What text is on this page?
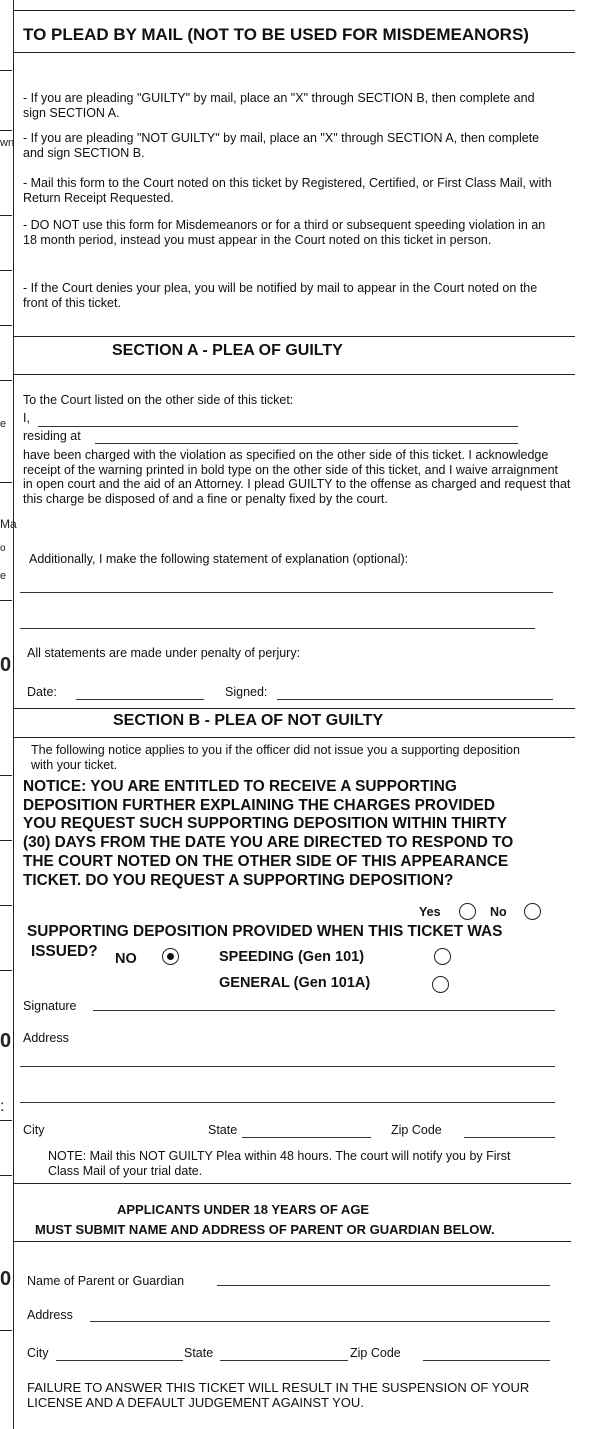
wn
e
Ma
o
e
0
0
:
0
TO PLEAD BY MAIL (NOT TO BE USED FOR MISDEMEANORS)
- If you are pleading "GUILTY" by mail, place an "X" through SECTION B, then complete and sign SECTION A.
- If you are pleading "NOT GUILTY" by mail, place an "X" through SECTION A, then complete and sign SECTION B.
- Mail this form to the Court noted on this ticket by Registered, Certified, or First Class Mail, with Return Receipt Requested.
- DO NOT use this form for Misdemeanors or for a third or subsequent speeding violation in an 18 month period, instead you must appear in the Court noted on this ticket in person.
- If the Court denies your plea, you will be notified by mail to appear in the Court noted on the front of this ticket.
SECTION A - PLEA OF GUILTY
To the Court listed on the other side of this ticket:
I,
residing at
have been charged with the violation as specified on the other side of this ticket. I acknowledge receipt of the warning printed in bold type on the other side of this ticket, and I waive arraignment in open court and the aid of an Attorney. I plead GUILTY to the offense as charged and request that this charge be disposed of and a fine or penalty fixed by the court.
Additionally, I make the following statement of explanation (optional):
All statements are made under penalty of perjury:
Date:	Signed:
SECTION B - PLEA OF NOT GUILTY
The following notice applies to you if the officer did not issue you a supporting deposition with your ticket.
NOTICE: YOU ARE ENTITLED TO RECEIVE A SUPPORTING
DEPOSITION FURTHER EXPLAINING THE CHARGES PROVIDED
YOU REQUEST SUCH SUPPORTING DEPOSITION WITHIN THIRTY
(30) DAYS FROM THE DATE YOU ARE DIRECTED TO RESPOND TO
THE COURT NOTED ON THE OTHER SIDE OF THIS APPEARANCE
TICKET. DO YOU REQUEST A SUPPORTING DEPOSITION?
Yes	No
SUPPORTING DEPOSITION PROVIDED WHEN THIS TICKET WAS
ISSUED? NO	SPEEDING (Gen 101)
GENERAL (Gen 101A)
Signature
Address
City	State	Zip Code
NOTE: Mail this NOT GUILTY Plea within 48 hours. The court will notify you by First Class Mail of your trial date.
APPLICANTS UNDER 18 YEARS OF AGE
MUST SUBMIT NAME AND ADDRESS OF PARENT OR GUARDIAN BELOW.
Name of Parent or Guardian
Address
City	State	Zip Code
FAILURE TO ANSWER THIS TICKET WILL RESULT IN THE SUSPENSION OF YOUR LICENSE AND A DEFAULT JUDGEMENT AGAINST YOU.
